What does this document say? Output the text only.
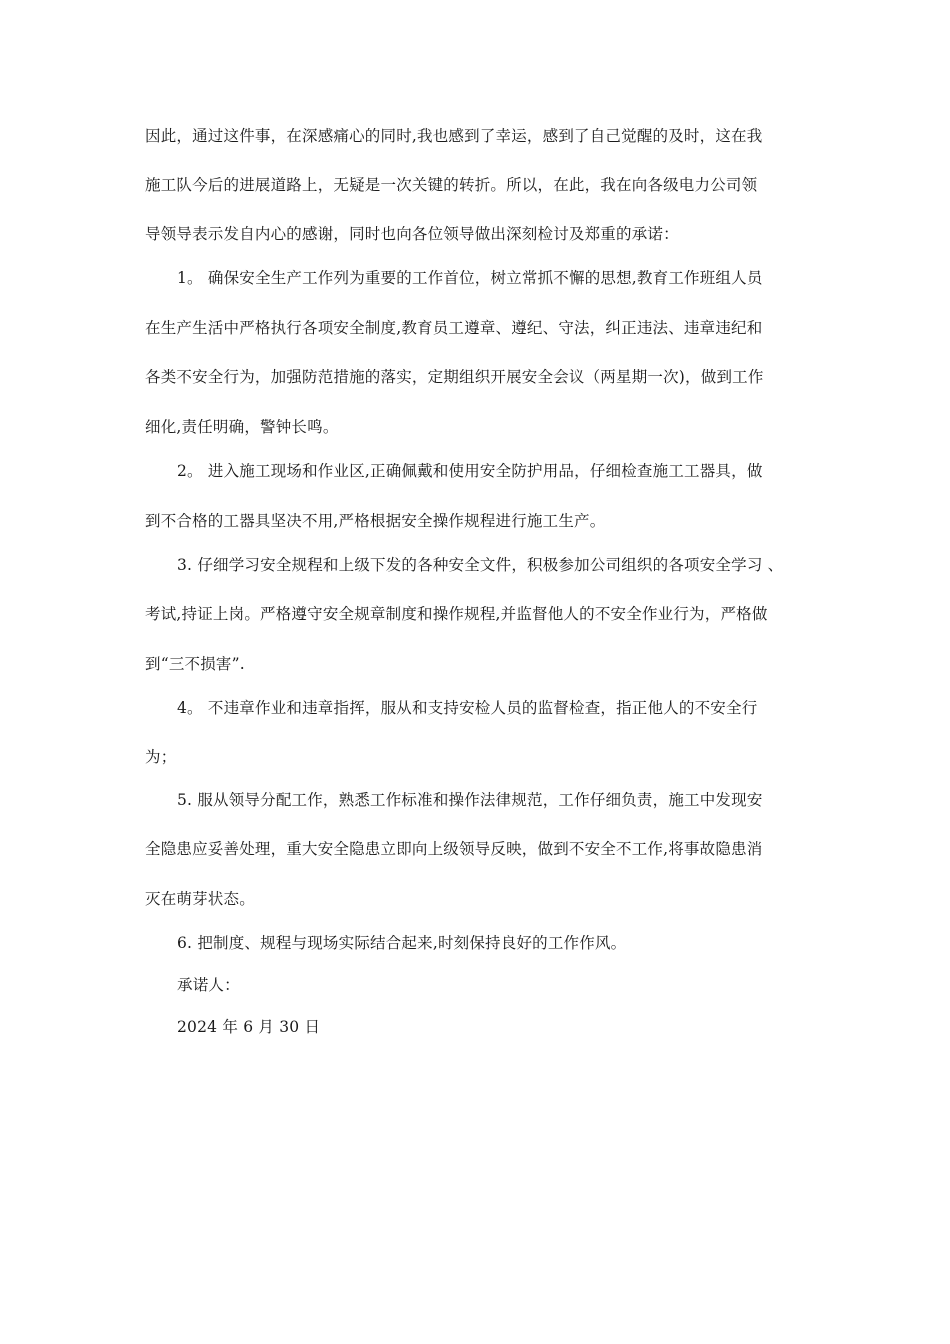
因此，通过这件事，在深感痛心的同时,我也感到了幸运，感到了自己觉醒的及时，这在我
施工队今后的进展道路上，无疑是一次关键的转折。所以，在此，我在向各级电力公司领
导领导表示发自内心的感谢，同时也向各位领导做出深刻检讨及郑重的承诺：
1。 确保安全生产工作列为重要的工作首位，树立常抓不懈的思想,教育工作班组人员
在生产生活中严格执行各项安全制度,教育员工遵章、遵纪、守法，纠正违法、违章违纪和
各类不安全行为，加强防范措施的落实，定期组织开展安全会议（两星期一次)，做到工作
细化,责任明确，警钟长鸣。
2。 进入施工现场和作业区,正确佩戴和使用安全防护用品，仔细检查施工工器具，做
到不合格的工器具坚决不用,严格根据安全操作规程进行施工生产。
3. 仔细学习安全规程和上级下发的各种安全文件，积极参加公司组织的各项安全学习 、
考试,持证上岗。严格遵守安全规章制度和操作规程,并监督他人的不安全作业行为，严格做
到“三不损害”.
4。 不违章作业和违章指挥，服从和支持安检人员的监督检查，指正他人的不安全行
为；
5. 服从领导分配工作，熟悉工作标准和操作法律规范，工作仔细负责，施工中发现安
全隐患应妥善处理，重大安全隐患立即向上级领导反映，做到不安全不工作,将事故隐患消
灭在萌芽状态。
6. 把制度、规程与现场实际结合起来,时刻保持良好的工作作风。
承诺人：
2024 年 6 月 30 日
